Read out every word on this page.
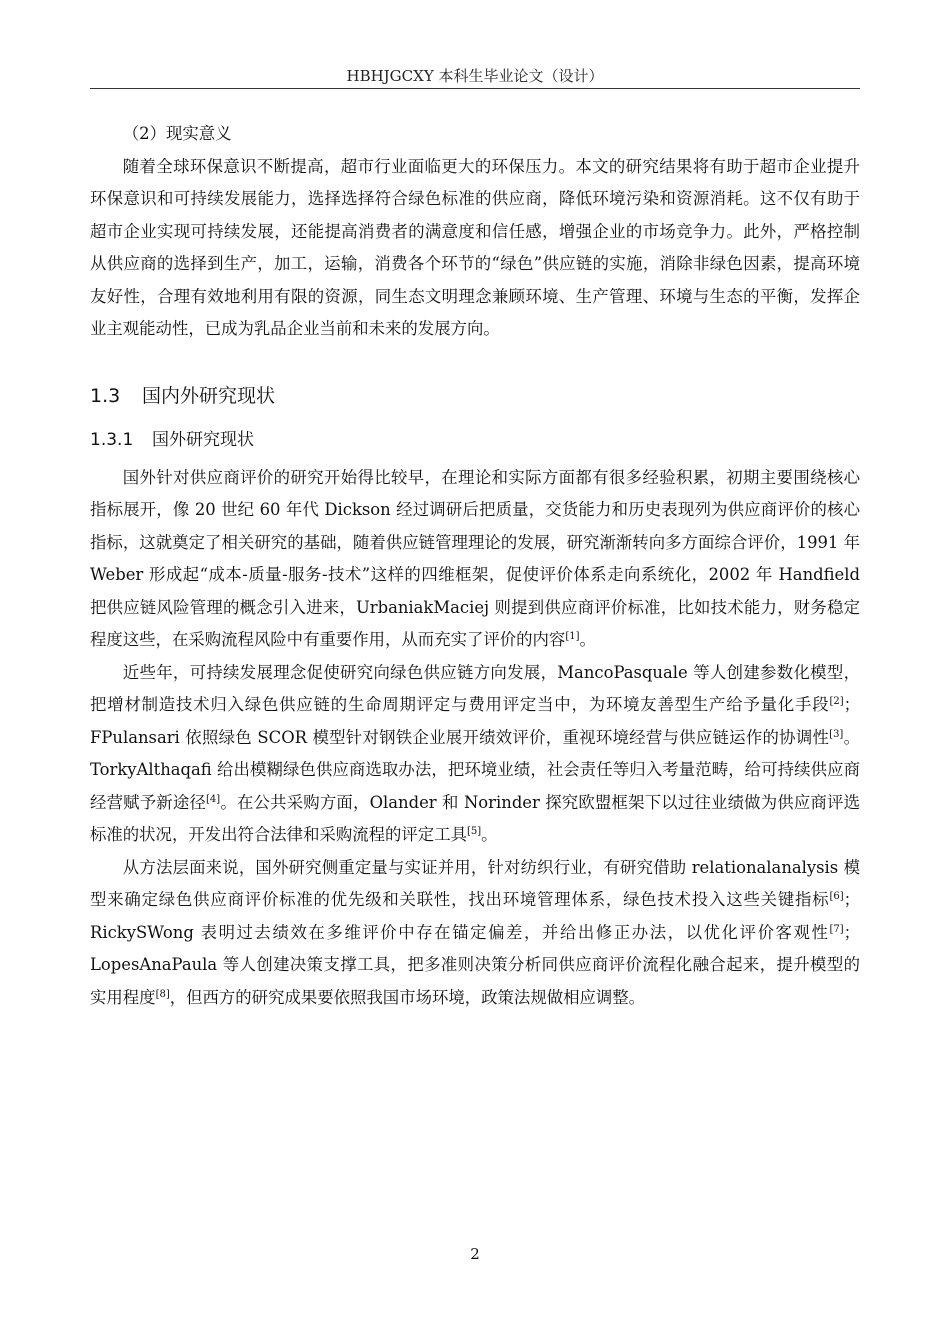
HBHJGCXY 本科生毕业论文（设计）

（2）现实意义

随着全球环保意识不断提高，超市行业面临更大的环保压力。本文的研究结果将有助于超市企业提升环保意识和可持续发展能力，选择选择符合绿色标准的供应商，降低环境污染和资源消耗。这不仅有助于超市企业实现可持续发展，还能提高消费者的满意度和信任感，增强企业的市场竞争力。此外，严格控制从供应商的选择到生产，加工，运输，消费各个环节的“绿色”供应链的实施，消除非绿色因素，提高环境友好性，合理有效地利用有限的资源，同生态文明理念兼顾环境、生产管理、环境与生态的平衡，发挥企业主观能动性，已成为乳品企业当前和未来的发展方向。

1.3 国内外研究现状
1.3.1 国外研究现状

国外针对供应商评价的研究开始得比较早，在理论和实际方面都有很多经验积累，初期主要围绕核心指标展开，像 20 世纪 60 年代 Dickson 经过调研后把质量，交货能力和历史表现列为供应商评价的核心指标，这就奠定了相关研究的基础，随着供应链管理理论的发展，研究渐渐转向多方面综合评价，1991 年 Weber 形成起“成本-质量-服务-技术”这样的四维框架，促使评价体系走向系统化，2002 年 Handfield 把供应链风险管理的概念引入进来，UrbaniakMaciej 则提到供应商评价标准，比如技术能力，财务稳定程度这些，在采购流程风险中有重要作用，从而充实了评价的内容[1]。

近些年，可持续发展理念促使研究向绿色供应链方向发展，MancoPasquale 等人创建参数化模型，把增材制造技术归入绿色供应链的生命周期评定与费用评定当中，为环境友善型生产给予量化手段[2]；FPulansari 依照绿色 SCOR 模型针对钢铁企业展开绩效评价，重视环境经营与供应链运作的协调性[3]。TorkyAlthaqafi 给出模糊绿色供应商选取办法，把环境业绩，社会责任等归入考量范畴，给可持续供应商经营赋予新途径[4]。在公共采购方面，Olander 和 Norinder 探究欧盟框架下以过往业绩做为供应商评选标准的状况，开发出符合法律和采购流程的评定工具[5]。

从方法层面来说，国外研究侧重定量与实证并用，针对纺织行业，有研究借助 relationalanalysis 模型来确定绿色供应商评价标准的优先级和关联性，找出环境管理体系，绿色技术投入这些关键指标[6]；RickySWong 表明过去绩效在多维评价中存在锚定偏差，并给出修正办法，以优化评价客观性[7]；LopesAnaPaula 等人创建决策支撑工具，把多准则决策分析同供应商评价流程化融合起来，提升模型的实用程度[8]，但西方的研究成果要依照我国市场环境，政策法规做相应调整。

2
